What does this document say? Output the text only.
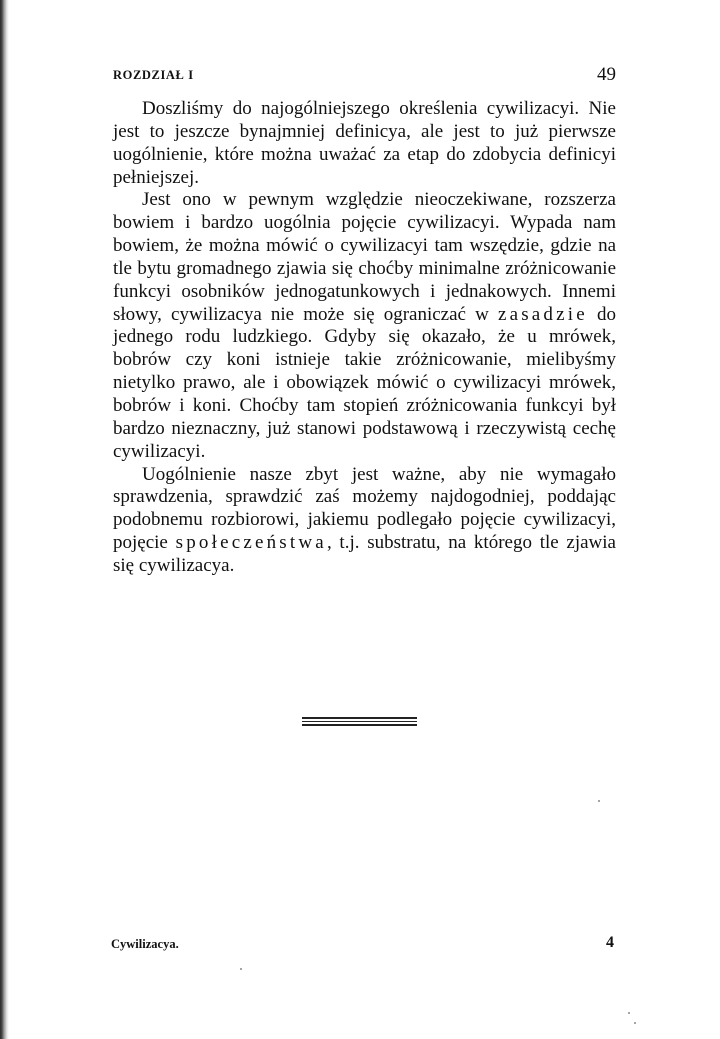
ROZDZIAŁ I	49

Doszliśmy do najogólniejszego określenia cywilizacyi. Nie jest to jeszcze bynajmniej definicya, ale jest to już pierwsze uogólnienie, które można uważać za etap do zdobycia definicyi pełniejszej.

Jest ono w pewnym względzie nieoczekiwane, rozszerza bowiem i bardzo uogólnia pojęcie cywilizacyi. Wypada nam bowiem, że można mówić o cywilizacyi tam wszędzie, gdzie na tle bytu gromadnego zjawia się choćby minimalne zróżnicowanie funkcyi osobników jednogatunkowych i jednakowych. Innemi słowy, cywilizacya nie może się ograniczać w zasadzie do jednego rodu ludzkiego. Gdyby się okazało, że u mrówek, bobrów czy koni istnieje takie zróżnicowanie, mielibyśmy nietylko prawo, ale i obowiązek mówić o cywilizacyi mrówek, bobrów i koni. Choćby tam stopień zróżnicowania funkcyi był bardzo nieznaczny, już stanowi podstawową i rzeczywistą cechę cywilizacyi.

Uogólnienie nasze zbyt jest ważne, aby nie wymagało sprawdzenia, sprawdzić zaś możemy najdogodniej, poddając podobnemu rozbiorowi, jakiemu podlegało pojęcie cywilizacyi, pojęcie społeczeństwa, t.j. substratu, na którego tle zjawia się cywilizacya.

Cywilizacya.	4
